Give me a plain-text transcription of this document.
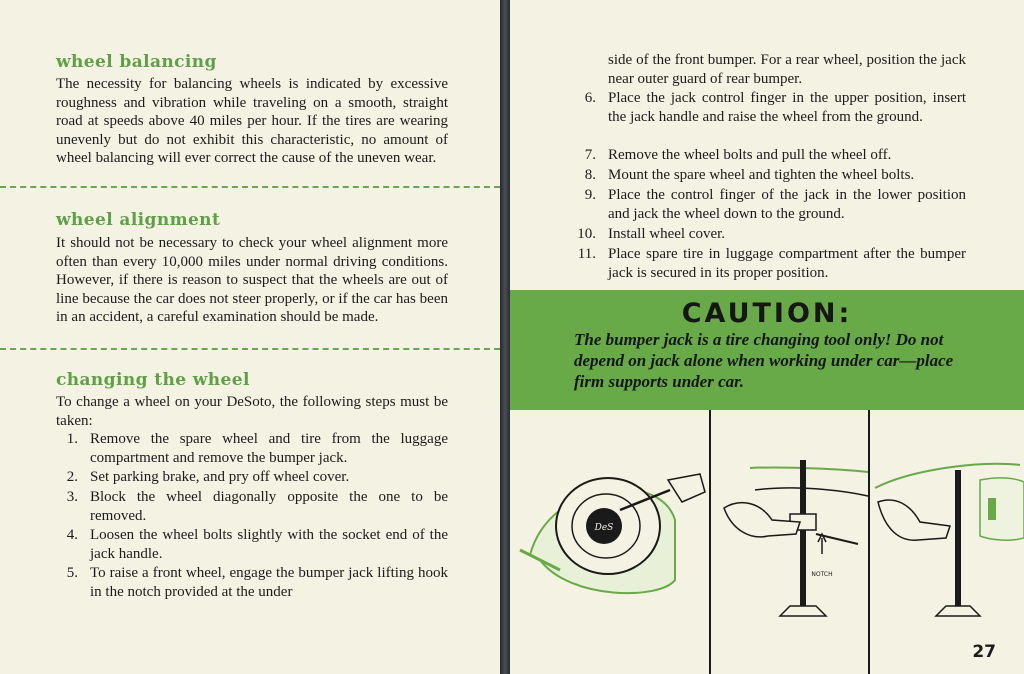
wheel balancing
The necessity for balancing wheels is indicated by excessive roughness and vibration while traveling on a smooth, straight road at speeds above 40 miles per hour. If the tires are wearing unevenly but do not exhibit this characteristic, no amount of wheel balancing will ever correct the cause of the uneven wear.
wheel alignment
It should not be necessary to check your wheel alignment more often than every 10,000 miles under normal driving conditions. However, if there is reason to suspect that the wheels are out of line because the car does not steer properly, or if the car has been in an accident, a careful examination should be made.
changing the wheel
To change a wheel on your DeSoto, the following steps must be taken:
1. Remove the spare wheel and tire from the luggage compartment and remove the bumper jack.
2. Set parking brake, and pry off wheel cover.
3. Block the wheel diagonally opposite the one to be removed.
4. Loosen the wheel bolts slightly with the socket end of the jack handle.
5. To raise a front wheel, engage the bumper jack lifting hook in the notch provided at the under
side of the front bumper. For a rear wheel, position the jack near outer guard of rear bumper.
6. Place the jack control finger in the upper position, insert the jack handle and raise the wheel from the ground.
7. Remove the wheel bolts and pull the wheel off.
8. Mount the spare wheel and tighten the wheel bolts.
9. Place the control finger of the jack in the lower position and jack the wheel down to the ground.
10. Install wheel cover.
11. Place spare tire in luggage compartment after the bumper jack is secured in its proper position.
CAUTION:
The bumper jack is a tire changing tool only! Do not depend on jack alone when working under car—place firm supports under car.
DeS
NOTCH
27
